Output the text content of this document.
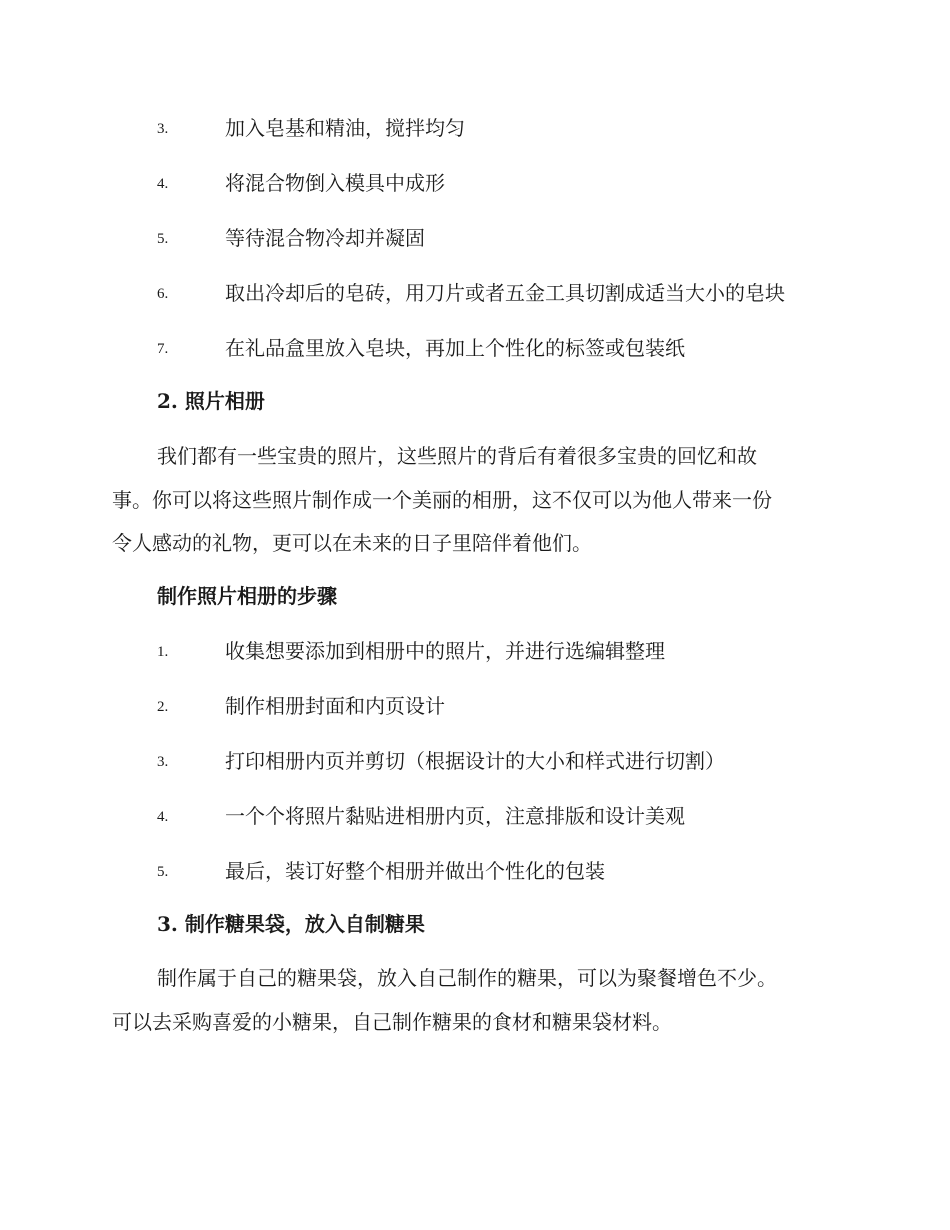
3.	加入皂基和精油，搅拌均匀
4.	将混合物倒入模具中成形
5.	等待混合物冷却并凝固
6.	取出冷却后的皂砖，用刀片或者五金工具切割成适当大小的皂块
7.	在礼品盒里放入皂块，再加上个性化的标签或包装纸
2. 照片相册
我们都有一些宝贵的照片，这些照片的背后有着很多宝贵的回忆和故
事。你可以将这些照片制作成一个美丽的相册，这不仅可以为他人带来一份
令人感动的礼物，更可以在未来的日子里陪伴着他们。
制作照片相册的步骤
1.	收集想要添加到相册中的照片，并进行选编辑整理
2.	制作相册封面和内页设计
3.	打印相册内页并剪切（根据设计的大小和样式进行切割）
4.	一个个将照片黏贴进相册内页，注意排版和设计美观
5.	最后，装订好整个相册并做出个性化的包装
3. 制作糖果袋，放入自制糖果
制作属于自己的糖果袋，放入自己制作的糖果，可以为聚餐增色不少。
可以去采购喜爱的小糖果，自己制作糖果的食材和糖果袋材料。
